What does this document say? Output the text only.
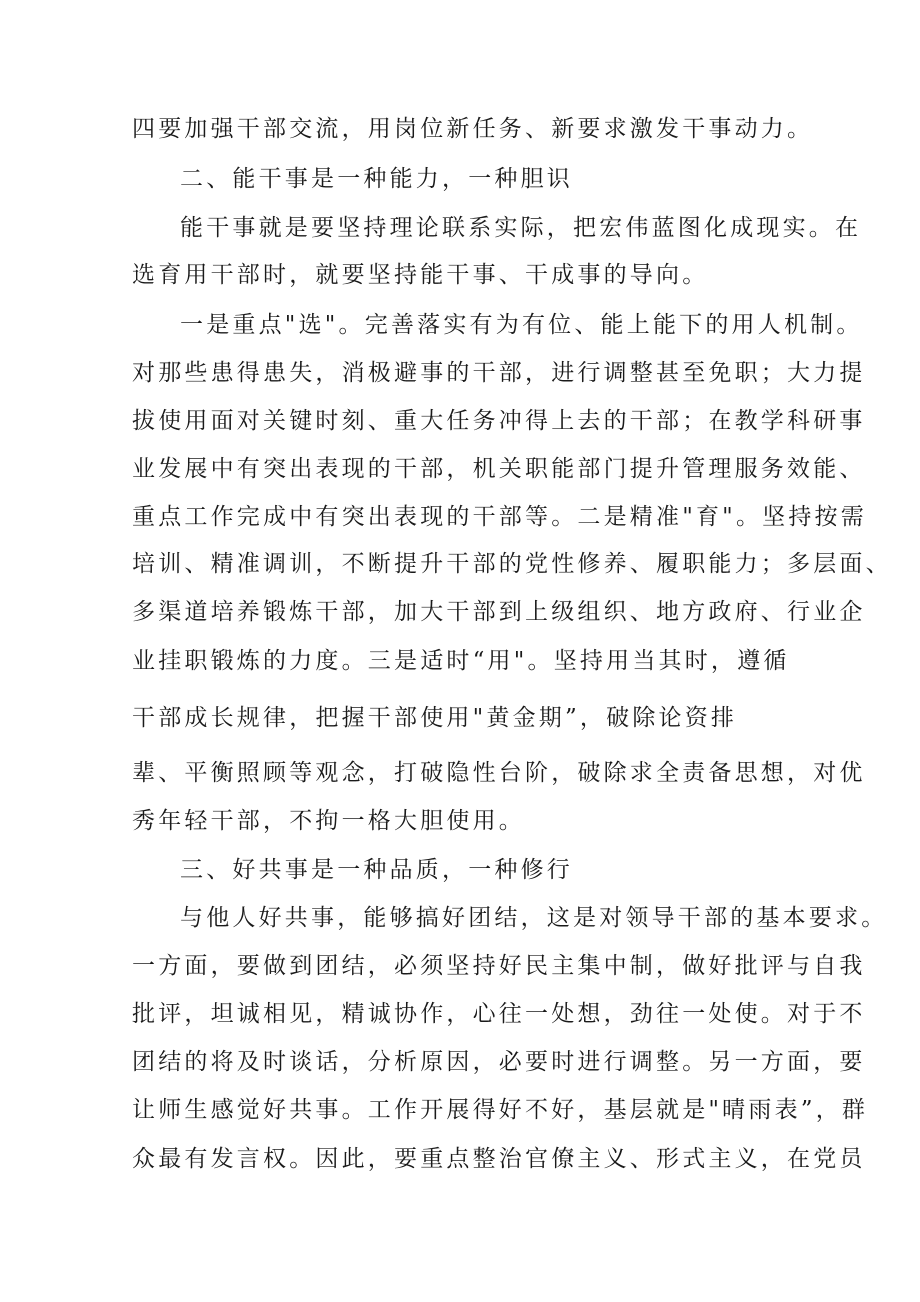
四要加强干部交流，用岗位新任务、新要求激发干事动力。
二、能干事是一种能力，一种胆识
能干事就是要坚持理论联系实际，把宏伟蓝图化成现实。在
选育用干部时，就要坚持能干事、干成事的导向。
一是重点"选"。完善落实有为有位、能上能下的用人机制。
对那些患得患失，消极避事的干部，进行调整甚至免职；大力提
拔使用面对关键时刻、重大任务冲得上去的干部；在教学科研事
业发展中有突出表现的干部，机关职能部门提升管理服务效能、
重点工作完成中有突出表现的干部等。二是精准"育"。坚持按需
培训、精准调训，不断提升干部的党性修养、履职能力；多层面、
多渠道培养锻炼干部，加大干部到上级组织、地方政府、行业企
业挂职锻炼的力度。三是适时“用"。坚持用当其时，遵循
干部成长规律，把握干部使用"黄金期”，破除论资排
辈、平衡照顾等观念，打破隐性台阶，破除求全责备思想，对优
秀年轻干部，不拘一格大胆使用。
三、好共事是一种品质，一种修行
与他人好共事，能够搞好团结，这是对领导干部的基本要求。
一方面，要做到团结，必须坚持好民主集中制，做好批评与自我
批评，坦诚相见，精诚协作，心往一处想，劲往一处使。对于不
团结的将及时谈话，分析原因，必要时进行调整。另一方面，要
让师生感觉好共事。工作开展得好不好，基层就是"晴雨表”，群
众最有发言权。因此，要重点整治官僚主义、形式主义，在党员
